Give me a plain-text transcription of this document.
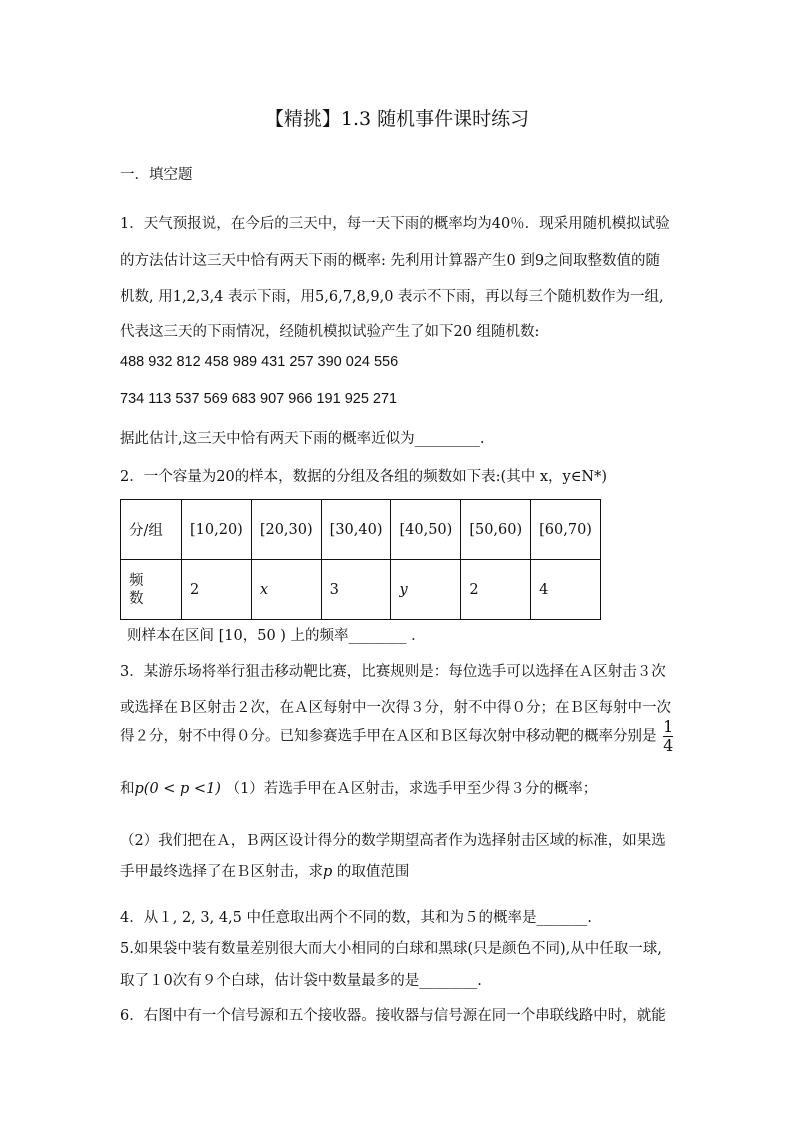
【精挑】1.3 随机事件课时练习
一．填空题
1．天气预报说，在今后的三天中，每一天下雨的概率均为40％．现采用随机模拟试验
的方法估计这三天中恰有两天下雨的概率: 先利用计算器产生0 到9之间取整数值的随
机数, 用1,2,3,4 表示下雨，用5,6,7,8,9,0 表示不下雨，再以每三个随机数作为一组,
代表这三天的下雨情况，经随机模拟试验产生了如下20 组随机数:
488 932 812 458 989 431 257 390 024 556
734 113 537 569 683 907 966 191 925 271
据此估计,这三天中恰有两天下雨的概率近似为_________.
2．一个容量为20的样本，数据的分组及各组的频数如下表:(其中 x，y∈N*)
分/组	[10,20)	[20,30)	[30,40)	[40,50)	[50,60)	[60,70)
频
数	2	x	3	y	2	4
则样本在区间 [10，50 ) 上的频率________ ．
3．某游乐场将举行狙击移动靶比赛，比赛规则是：每位选手可以选择在Ａ区射击３次
或选择在Ｂ区射击２次，在Ａ区每射中一次得３分，射不中得０分；在Ｂ区每射中一次
得２分，射不中得０分。已知参赛选手甲在Ａ区和Ｂ区每次射中移动靶的概率分别是 $\frac{1}{4}$
和p(0 < p <1) （1）若选手甲在Ａ区射击，求选手甲至少得３分的概率；
（2）我们把在Ａ，Ｂ两区设计得分的数学期望高者作为选择射击区域的标准，如果选
手甲最终选择了在Ｂ区射击，求p 的取值范围
4．从１, 2, 3, 4,5 中任意取出两个不同的数，其和为５的概率是_______.
5.如果袋中装有数量差别很大而大小相同的白球和黑球(只是颜色不同),从中任取一球,
取了１0次有９个白球，估计袋中数量最多的是________.
6．右图中有一个信号源和五个接收器。接收器与信号源在同一个串联线路中时，就能
